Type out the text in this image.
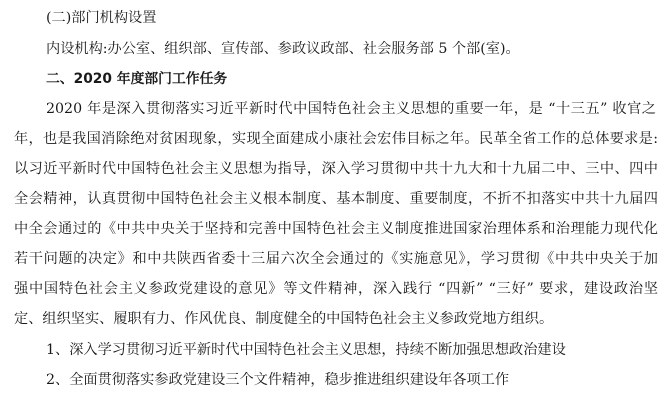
(二)部门机构设置
内设机构:办公室、组织部、宣传部、参政议政部、社会服务部 5 个部(室)。
二、2020 年度部门工作任务
2020 年是深入贯彻落实习近平新时代中国特色社会主义思想的重要一年，是 “十三五” 收官之
年，也是我国消除绝对贫困现象，实现全面建成小康社会宏伟目标之年。民革全省工作的总体要求是:
以习近平新时代中国特色社会主义思想为指导，深入学习贯彻中共十九大和十九届二中、三中、四中
全会精神，认真贯彻中国特色社会主义根本制度、基本制度、重要制度，不折不扣落实中共十九届四
中全会通过的《中共中央关于坚持和完善中国特色社会主义制度推进国家治理体系和治理能力现代化
若干问题的决定》和中共陕西省委十三届六次全会通过的《实施意见》，学习贯彻《中共中央关于加
强中国特色社会主义参政党建设的意见》等文件精神，深入践行 “四新” “三好” 要求，建设政治坚
定、组织坚实、履职有力、作风优良、制度健全的中国特色社会主义参政党地方组织。
1、深入学习贯彻习近平新时代中国特色社会主义思想，持续不断加强思想政治建设
2、全面贯彻落实参政党建设三个文件精神，稳步推进组织建设年各项工作
